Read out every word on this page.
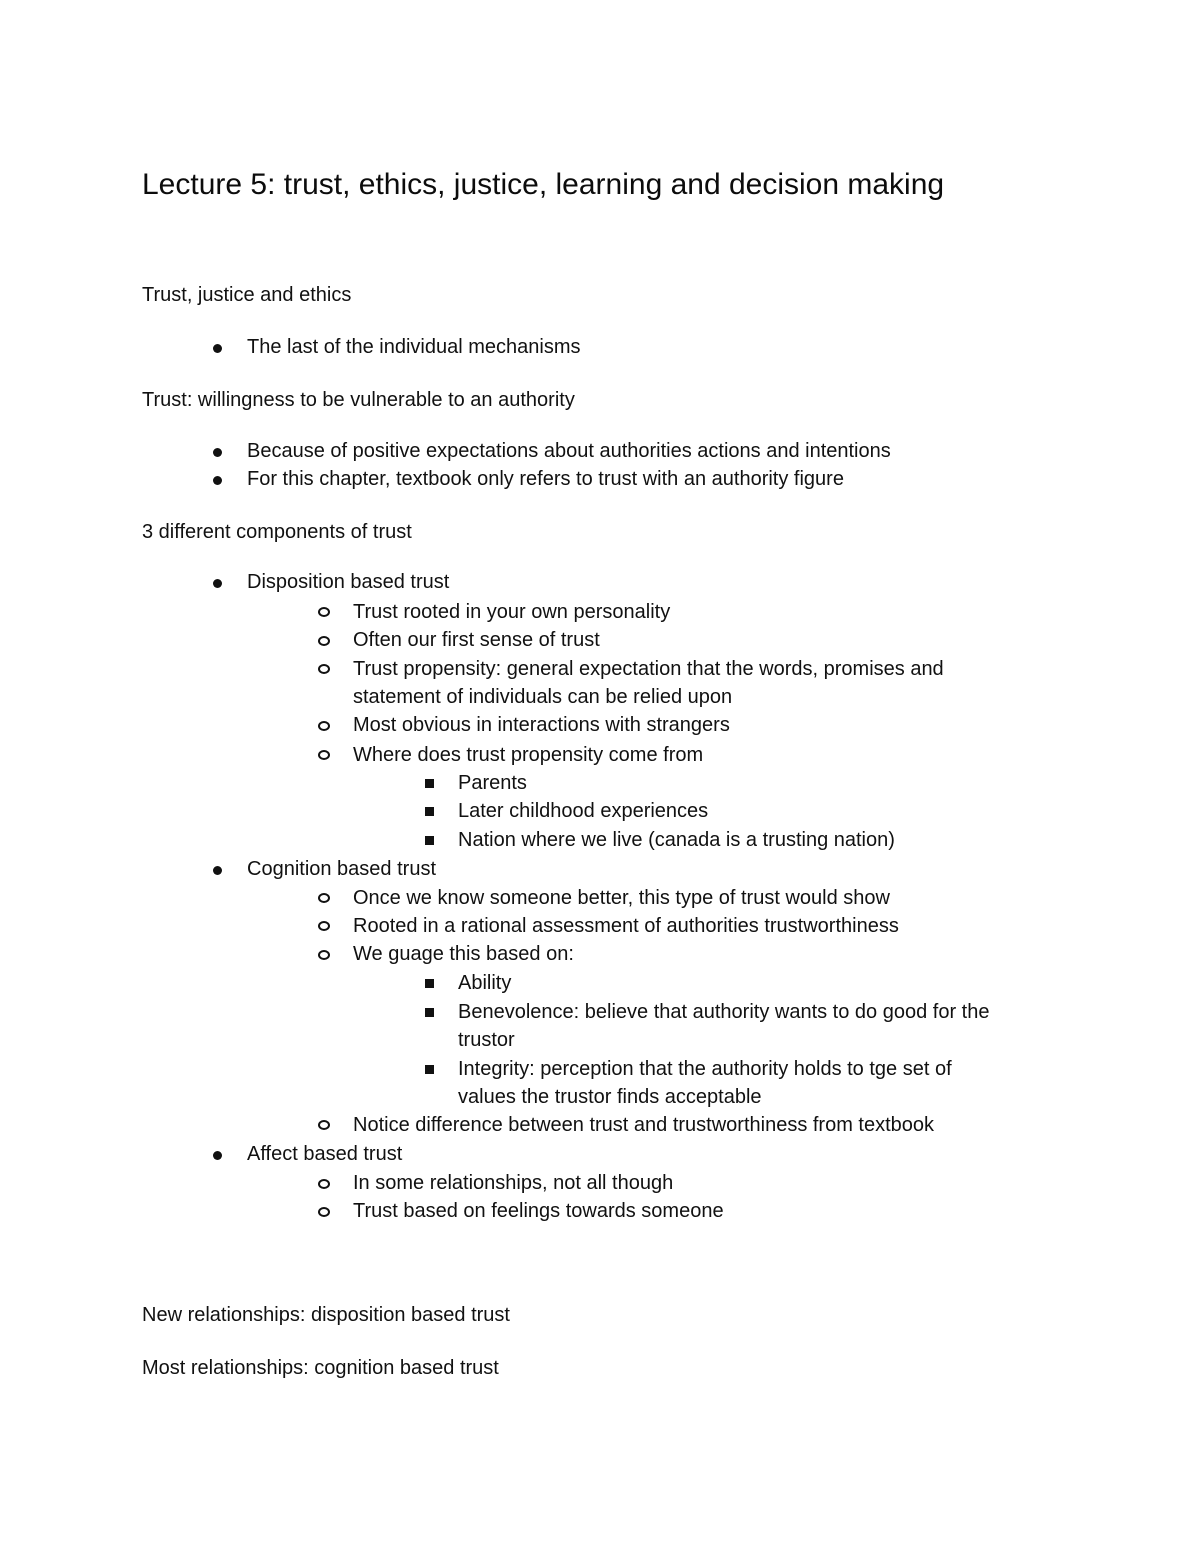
Lecture 5: trust, ethics, justice, learning and decision making
Trust, justice and ethics
The last of the individual mechanisms
Trust: willingness to be vulnerable to an authority
Because of positive expectations about authorities actions and intentions
For this chapter, textbook only refers to trust with an authority figure
3 different components of trust
Disposition based trust
Trust rooted in your own personality
Often our first sense of trust
Trust propensity: general expectation that the words, promises and
statement of individuals can be relied upon
Most obvious in interactions with strangers
Where does trust propensity come from
Parents
Later childhood experiences
Nation where we live (canada is a trusting nation)
Cognition based trust
Once we know someone better, this type of trust would show
Rooted in a rational assessment of authorities trustworthiness
We guage this based on:
Ability
Benevolence: believe that authority wants to do good for the
trustor
Integrity: perception that the authority holds to tge set of
values the trustor finds acceptable
Notice difference between trust and trustworthiness from textbook
Affect based trust
In some relationships, not all though
Trust based on feelings towards someone
New relationships: disposition based trust
Most relationships: cognition based trust
